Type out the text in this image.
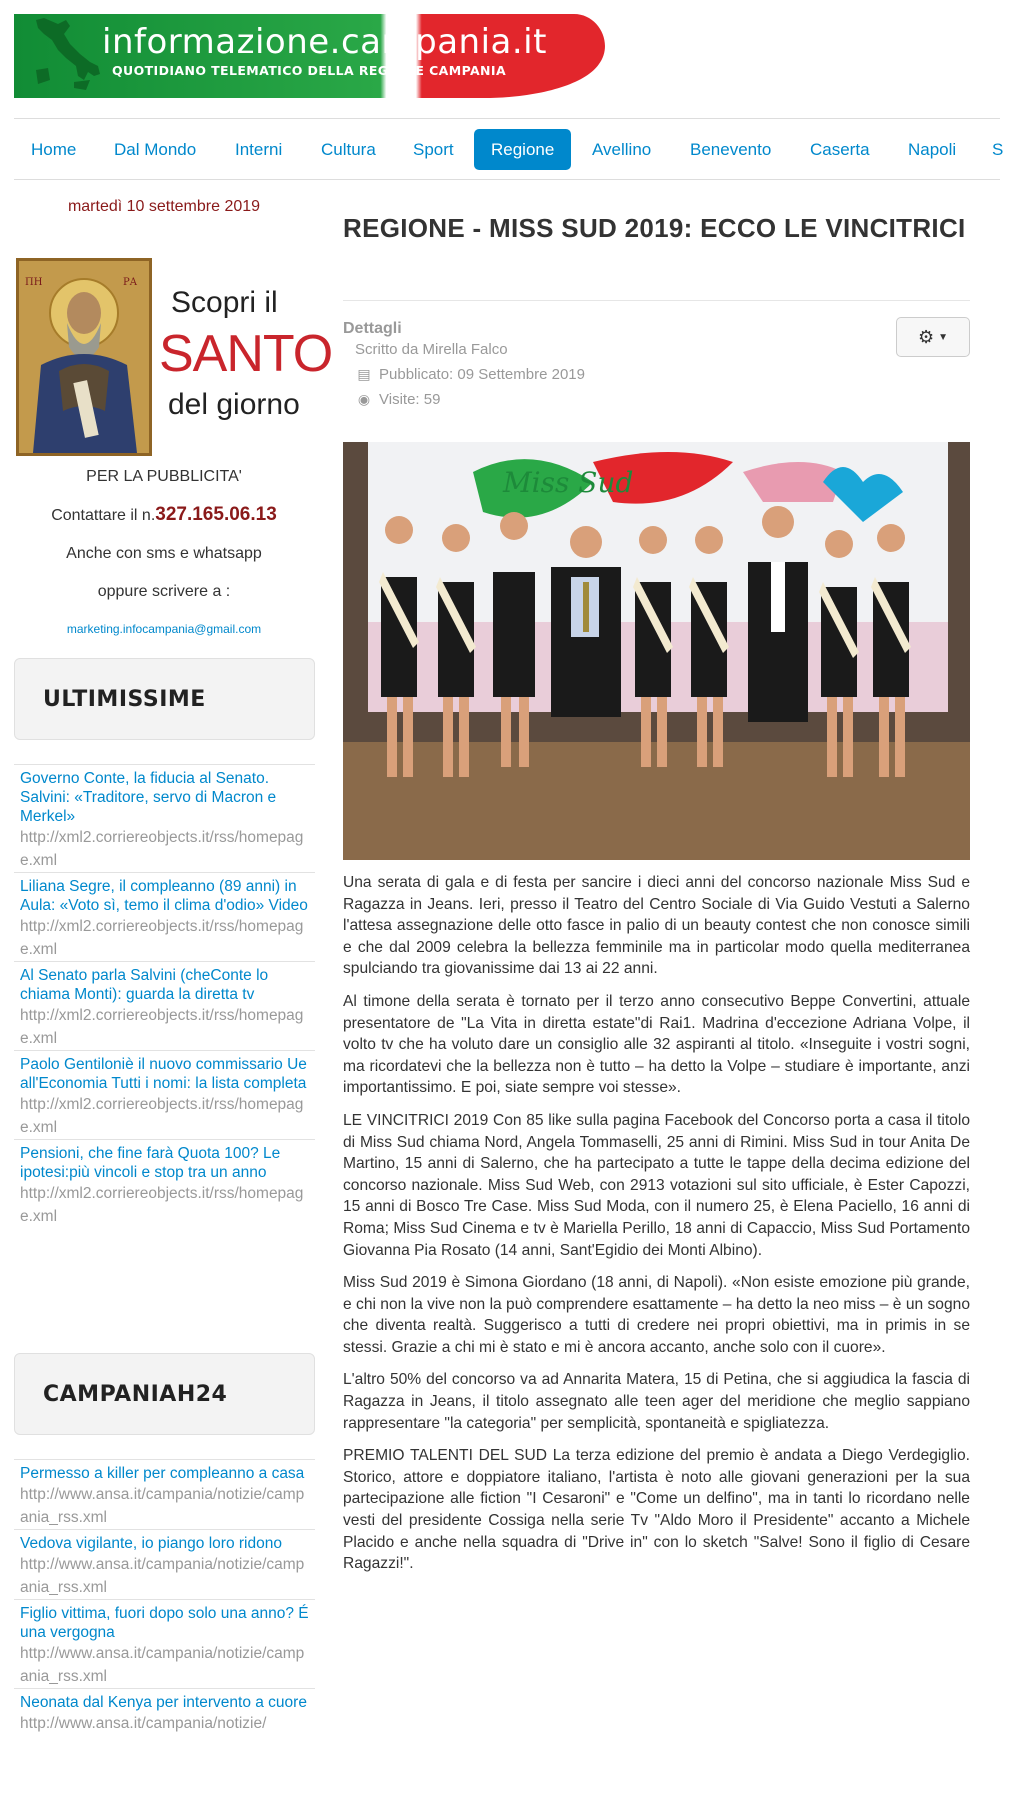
informazione.campania.it
QUOTIDIANO TELEMATICO DELLA REGIONE CAMPANIA
Home	Dal Mondo	Interni	Cultura	Sport	Regione	Avellino	Benevento	Caserta	Napoli	S
martedì 10 settembre 2019
ΠΗ	ΡΑ
Scopri il
SANTO
del giorno
PER LA PUBBLICITA'
Contattare il n.327.165.06.13
Anche con sms e whatsapp
oppure scrivere a :
marketing.infocampania@gmail.com
ULTIMISSIME
Governo Conte, la fiducia al Senato. Salvini: «Traditore, servo di Macron e Merkel»
http://xml2.corriereobjects.it/rss/homepage.xml
Liliana Segre, il compleanno (89 anni) in Aula: «Voto sì, temo il clima d'odio» Video
http://xml2.corriereobjects.it/rss/homepage.xml
Al Senato parla Salvini (cheConte lo chiama Monti): guarda la diretta tv
http://xml2.corriereobjects.it/rss/homepage.xml
Paolo Gentiloniè il nuovo commissario Ue all'Economia Tutti i nomi: la lista completa
http://xml2.corriereobjects.it/rss/homepage.xml
Pensioni, che fine farà Quota 100? Le ipotesi:più vincoli e stop tra un anno
http://xml2.corriereobjects.it/rss/homepage.xml
CAMPANIAH24
Permesso a killer per compleanno a casa
http://www.ansa.it/campania/notizie/campania_rss.xml
Vedova vigilante, io piango loro ridono
http://www.ansa.it/campania/notizie/campania_rss.xml
Figlio vittima, fuori dopo solo una anno? É una vergogna
http://www.ansa.it/campania/notizie/campania_rss.xml
Neonata dal Kenya per intervento a cuore
http://www.ansa.it/campania/notizie/
REGIONE - MISS SUD 2019: ECCO LE VINCITRICI
Dettagli
Scritto da Mirella Falco
▤ Pubblicato: 09 Settembre 2019
◉ Visite: 59
⚙ ▼
Miss Sud

Una serata di gala e di festa per sancire i dieci anni del concorso nazionale Miss Sud e Ragazza in Jeans. Ieri, presso il Teatro del Centro Sociale di Via Guido Vestuti a Salerno l'attesa assegnazione delle otto fasce in palio di un beauty contest che non conosce simili e che dal 2009 celebra la bellezza femminile ma in particolar modo quella mediterranea spulciando tra giovanissime dai 13 ai 22 anni.

Al timone della serata è tornato per il terzo anno consecutivo Beppe Convertini, attuale presentatore de "La Vita in diretta estate"di Rai1. Madrina d'eccezione Adriana Volpe, il volto tv che ha voluto dare un consiglio alle 32 aspiranti al titolo. «Inseguite i vostri sogni, ma ricordatevi che la bellezza non è tutto – ha detto la Volpe – studiare è importante, anzi importantissimo. E poi, siate sempre voi stesse».

LE VINCITRICI 2019 Con 85 like sulla pagina Facebook del Concorso porta a casa il titolo di Miss Sud chiama Nord, Angela Tommaselli, 25 anni di Rimini. Miss Sud in tour Anita De Martino, 15 anni di Salerno, che ha partecipato a tutte le tappe della decima edizione del concorso nazionale. Miss Sud Web, con 2913 votazioni sul sito ufficiale, è Ester Capozzi, 15 anni di Bosco Tre Case. Miss Sud Moda, con il numero 25, è Elena Paciello, 16 anni di Roma; Miss Sud Cinema e tv è Mariella Perillo, 18 anni di Capaccio, Miss Sud Portamento Giovanna Pia Rosato (14 anni, Sant'Egidio dei Monti Albino).

Miss Sud 2019 è Simona Giordano (18 anni, di Napoli). «Non esiste emozione più grande, e chi non la vive non la può comprendere esattamente – ha detto la neo miss – è un sogno che diventa realtà. Suggerisco a tutti di credere nei propri obiettivi, ma in primis in se stessi. Grazie a chi mi è stato e mi è ancora accanto, anche solo con il cuore».

L'altro 50% del concorso va ad Annarita Matera, 15 di Petina, che si aggiudica la fascia di Ragazza in Jeans, il titolo assegnato alle teen ager del meridione che meglio sappiano rappresentare "la categoria" per semplicità, spontaneità e spigliatezza.

PREMIO TALENTI DEL SUD La terza edizione del premio è andata a Diego Verdegiglio. Storico, attore e doppiatore italiano, l'artista è noto alle giovani generazioni per la sua partecipazione alle fiction "I Cesaroni" e "Come un delfino", ma in tanti lo ricordano nelle vesti del presidente Cossiga nella serie Tv "Aldo Moro il Presidente" accanto a Michele Placido e anche nella squadra di "Drive in" con lo sketch "Salve! Sono il figlio di Cesare Ragazzi!".
